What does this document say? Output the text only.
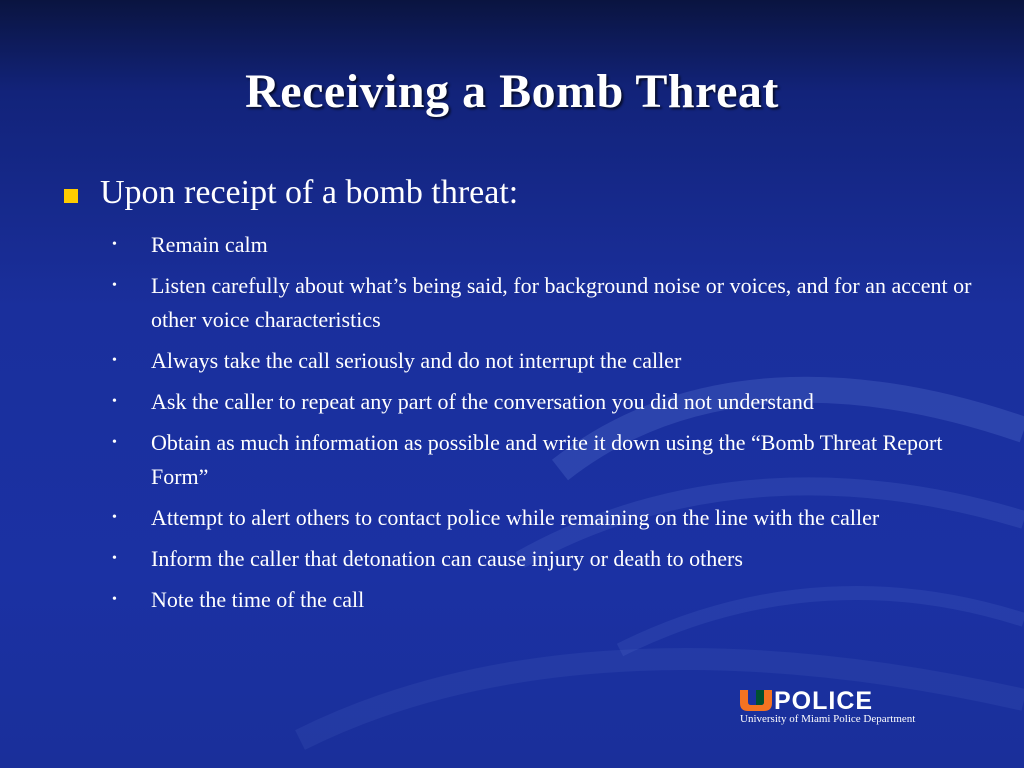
Receiving a Bomb Threat
Upon receipt of a bomb threat:
• Remain calm
• Listen carefully about what’s being said, for background noise or voices, and for an accent or other voice characteristics
• Always take the call seriously and do not interrupt the caller
• Ask the caller to repeat any part of the conversation you did not understand
• Obtain as much information as possible and write it down using the “Bomb Threat Report Form”
• Attempt to alert others to contact police while remaining on the line with the caller
• Inform the caller that detonation can cause injury or death to others
• Note the time of the call
POLICE
University of Miami Police Department
